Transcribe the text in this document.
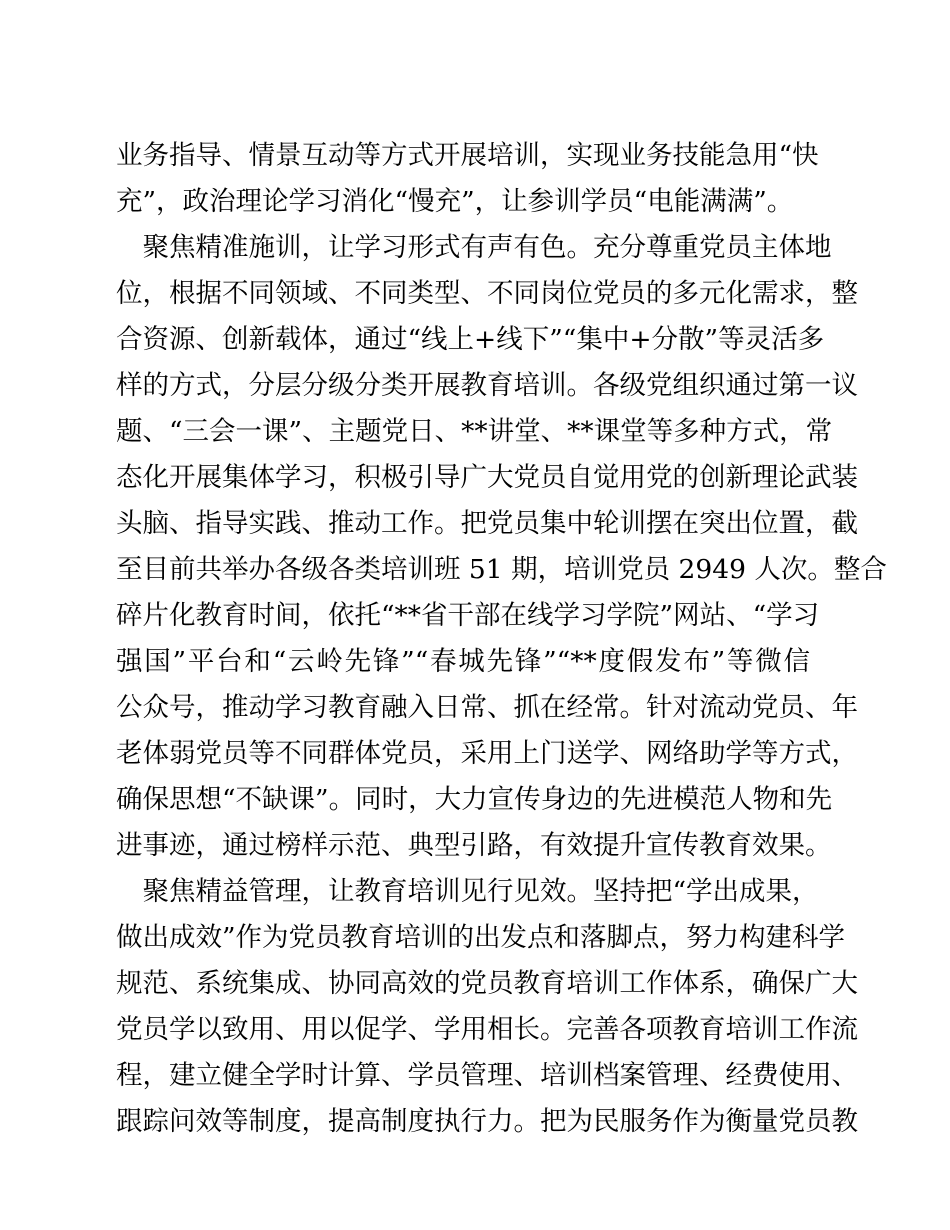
业务指导、情景互动等方式开展培训，实现业务技能急用“快
充”，政治理论学习消化“慢充”，让参训学员“电能满满”。
　聚焦精准施训，让学习形式有声有色。充分尊重党员主体地
位，根据不同领域、不同类型、不同岗位党员的多元化需求，整
合资源、创新载体，通过“线上+线下”“集中+分散”等灵活多
样的方式，分层分级分类开展教育培训。各级党组织通过第一议
题、“三会一课”、主题党日、**讲堂、**课堂等多种方式，常
态化开展集体学习，积极引导广大党员自觉用党的创新理论武装
头脑、指导实践、推动工作。把党员集中轮训摆在突出位置，截
至目前共举办各级各类培训班 51 期，培训党员 2949 人次。整合
碎片化教育时间，依托“**省干部在线学习学院”网站、“学习
强国”平台和“云岭先锋”“春城先锋”“**度假发布”等微信
公众号，推动学习教育融入日常、抓在经常。针对流动党员、年
老体弱党员等不同群体党员，采用上门送学、网络助学等方式，
确保思想“不缺课”。同时，大力宣传身边的先进模范人物和先
进事迹，通过榜样示范、典型引路，有效提升宣传教育效果。
　聚焦精益管理，让教育培训见行见效。坚持把“学出成果，
做出成效”作为党员教育培训的出发点和落脚点，努力构建科学
规范、系统集成、协同高效的党员教育培训工作体系，确保广大
党员学以致用、用以促学、学用相长。完善各项教育培训工作流
程，建立健全学时计算、学员管理、培训档案管理、经费使用、
跟踪问效等制度，提高制度执行力。把为民服务作为衡量党员教
